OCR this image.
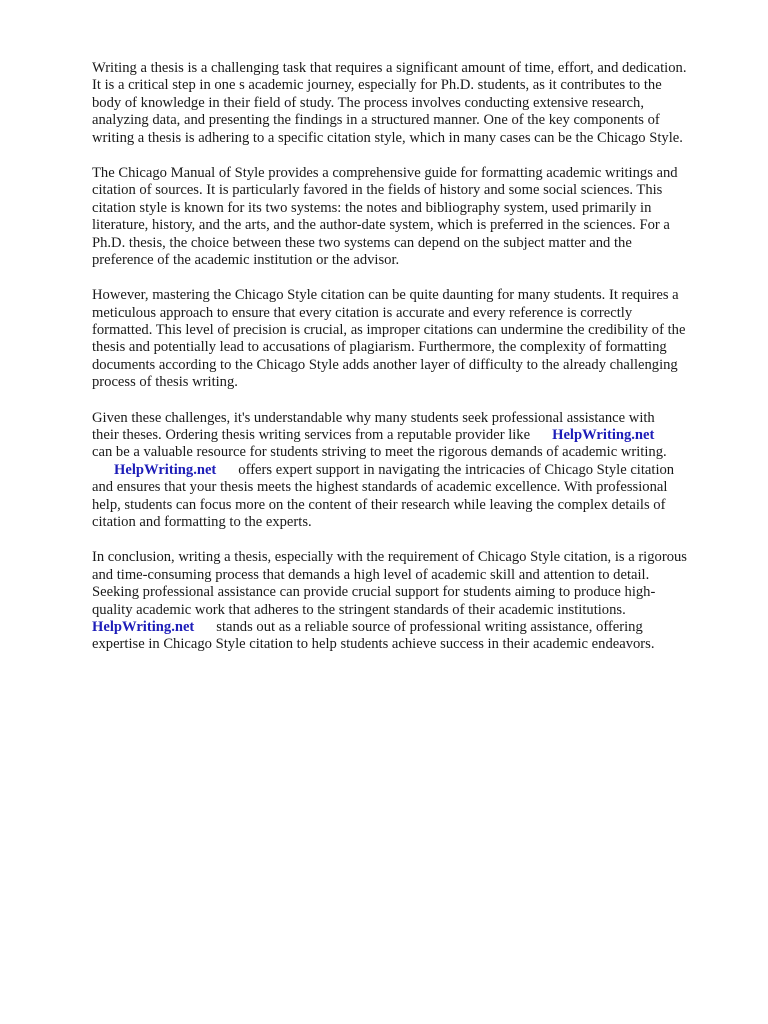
Writing a thesis is a challenging task that requires a significant amount of time, effort, and dedication.
It is a critical step in one s academic journey, especially for Ph.D. students, as it contributes to the
body of knowledge in their field of study. The process involves conducting extensive research,
analyzing data, and presenting the findings in a structured manner. One of the key components of
writing a thesis is adhering to a specific citation style, which in many cases can be the Chicago Style.

The Chicago Manual of Style provides a comprehensive guide for formatting academic writings and
citation of sources. It is particularly favored in the fields of history and some social sciences. This
citation style is known for its two systems: the notes and bibliography system, used primarily in
literature, history, and the arts, and the author-date system, which is preferred in the sciences. For a
Ph.D. thesis, the choice between these two systems can depend on the subject matter and the
preference of the academic institution or the advisor.

However, mastering the Chicago Style citation can be quite daunting for many students. It requires a
meticulous approach to ensure that every citation is accurate and every reference is correctly
formatted. This level of precision is crucial, as improper citations can undermine the credibility of the
thesis and potentially lead to accusations of plagiarism. Furthermore, the complexity of formatting
documents according to the Chicago Style adds another layer of difficulty to the already challenging
process of thesis writing.

Given these challenges, it's understandable why many students seek professional assistance with
their theses. Ordering thesis writing services from a reputable provider like HelpWriting.net
can be a valuable resource for students striving to meet the rigorous demands of academic writing.
HelpWriting.net offers expert support in navigating the intricacies of Chicago Style citation
and ensures that your thesis meets the highest standards of academic excellence. With professional
help, students can focus more on the content of their research while leaving the complex details of
citation and formatting to the experts.

In conclusion, writing a thesis, especially with the requirement of Chicago Style citation, is a rigorous
and time-consuming process that demands a high level of academic skill and attention to detail.
Seeking professional assistance can provide crucial support for students aiming to produce high-
quality academic work that adheres to the stringent standards of their academic institutions.
HelpWriting.net stands out as a reliable source of professional writing assistance, offering
expertise in Chicago Style citation to help students achieve success in their academic endeavors.
